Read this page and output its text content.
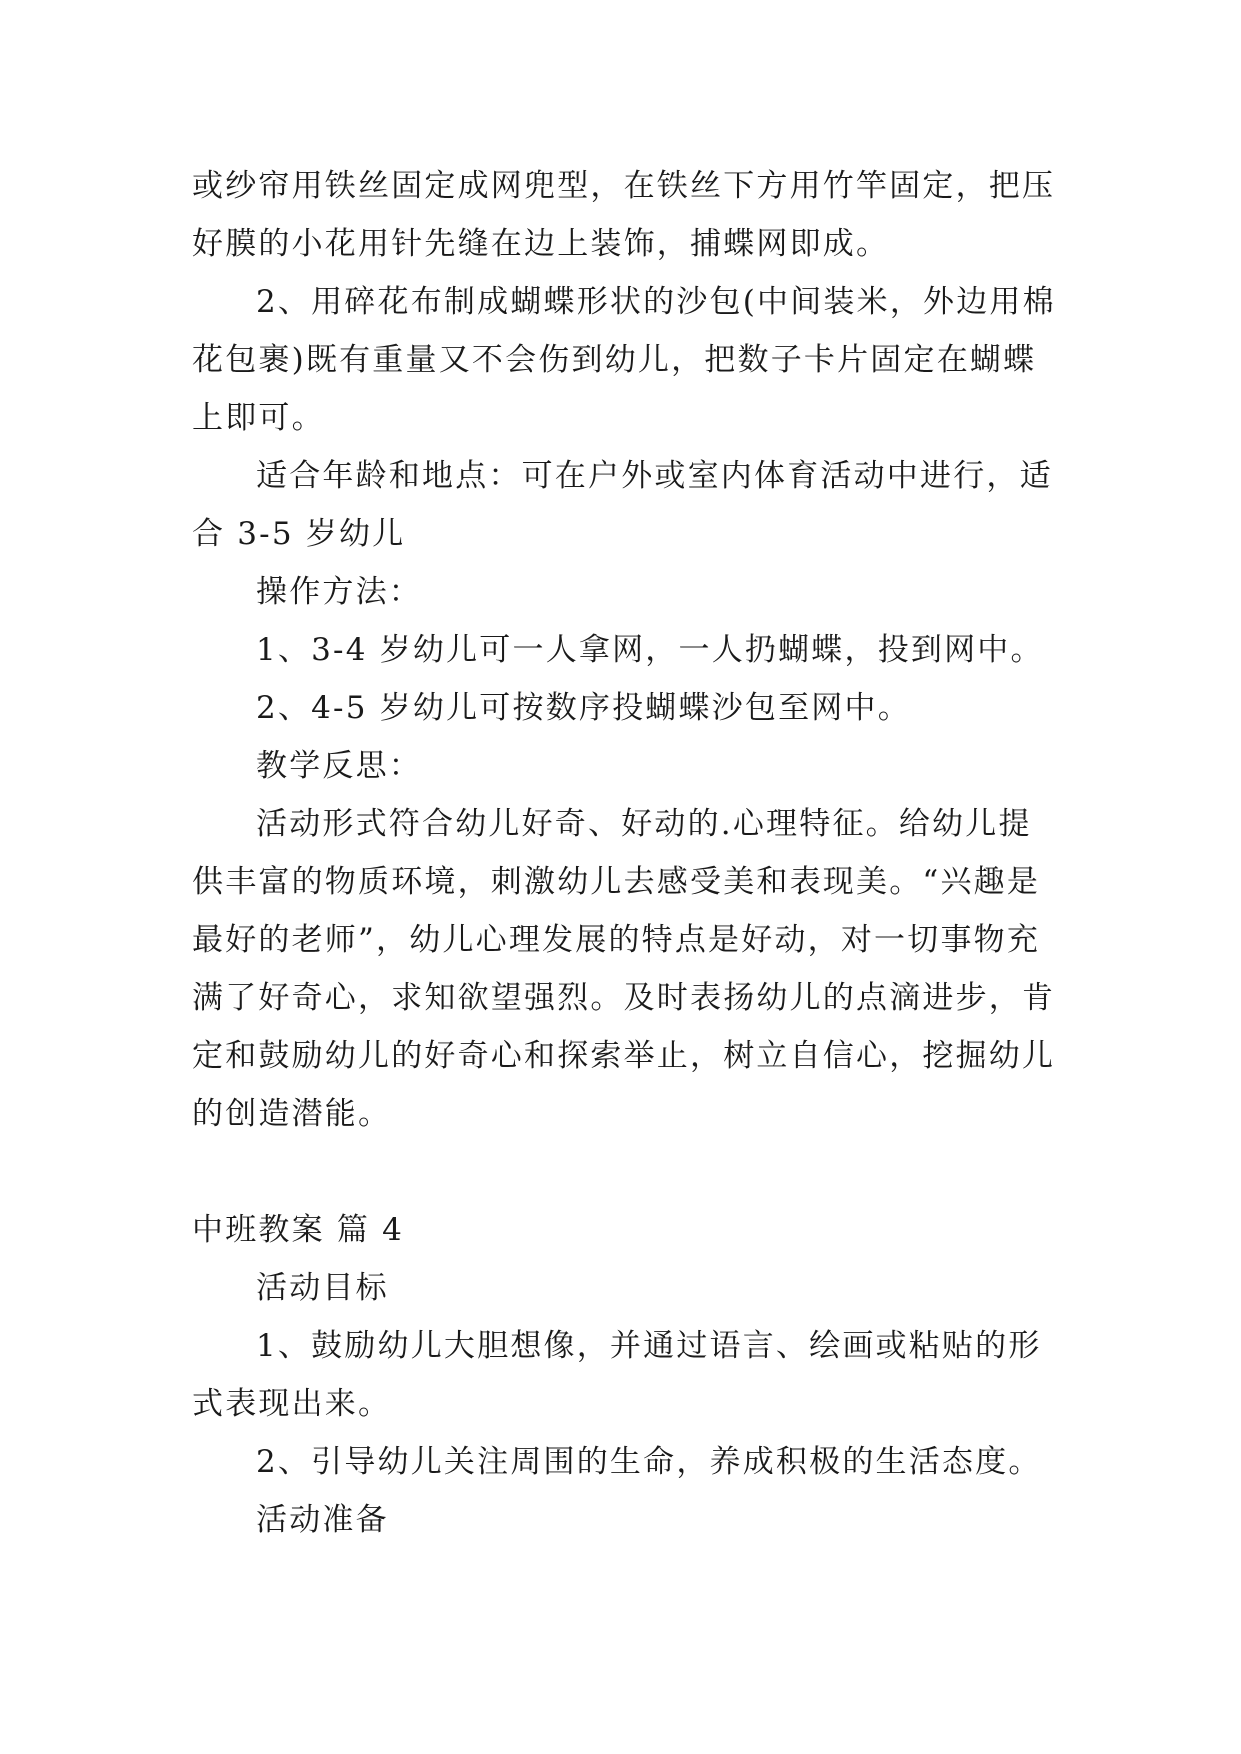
或纱帘用铁丝固定成网兜型，在铁丝下方用竹竿固定，把压
好膜的小花用针先缝在边上装饰，捕蝶网即成。
2、用碎花布制成蝴蝶形状的沙包(中间装米，外边用棉
花包裹)既有重量又不会伤到幼儿，把数子卡片固定在蝴蝶
上即可。
适合年龄和地点：可在户外或室内体育活动中进行，适
合 3-5 岁幼儿
操作方法：
1、3-4 岁幼儿可一人拿网，一人扔蝴蝶，投到网中。
2、4-5 岁幼儿可按数序投蝴蝶沙包至网中。
教学反思：
活动形式符合幼儿好奇、好动的.心理特征。给幼儿提
供丰富的物质环境，刺激幼儿去感受美和表现美。“兴趣是
最好的老师”，幼儿心理发展的特点是好动，对一切事物充
满了好奇心，求知欲望强烈。及时表扬幼儿的点滴进步，肯
定和鼓励幼儿的好奇心和探索举止，树立自信心，挖掘幼儿
的创造潜能。
中班教案 篇 4
活动目标
1、鼓励幼儿大胆想像，并通过语言、绘画或粘贴的形
式表现出来。
2、引导幼儿关注周围的生命，养成积极的生活态度。
活动准备
